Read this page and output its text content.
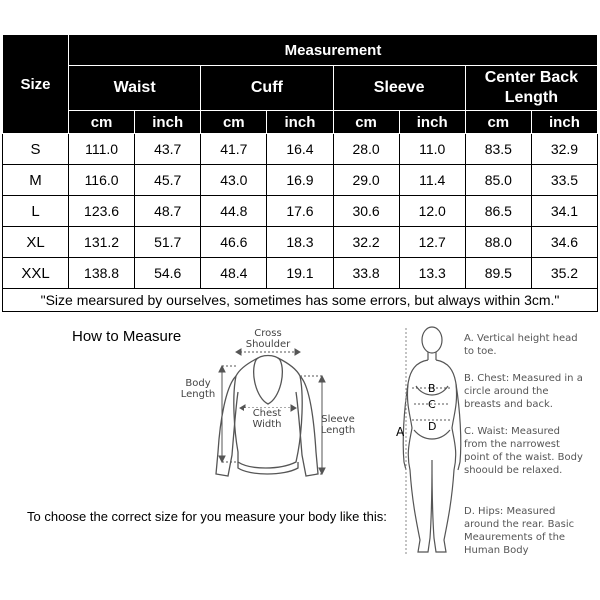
Size	Measurement							
	Waist		Cuff		Sleeve		Center Back Length	
	cm	inch	cm	inch	cm	inch	cm	inch
S	111.0	43.7	41.7	16.4	28.0	11.0	83.5	32.9
M	116.0	45.7	43.0	16.9	29.0	11.4	85.0	33.5
L	123.6	48.7	44.8	17.6	30.6	12.0	86.5	34.1
XL	131.2	51.7	46.6	18.3	32.2	12.7	88.0	34.6
XXL	138.8	54.6	48.4	19.1	33.8	13.3	89.5	35.2
"Size mearsured by ourselves, sometimes has some errors, but always within 3cm."								
How to Measure	Cross Shoulder
Body Length
Chest Width	Sleeve Length
To choose the correct size for you measure your body like this:
A
B
C
D
A. Vertical height head to toe.
B. Chest: Measured in a circle around the breasts and back.
C. Waist: Measured from the narrowest point of the waist. Body shoould be relaxed.
D. Hips: Measured around the rear. Basic Meaurements of the Human Body
